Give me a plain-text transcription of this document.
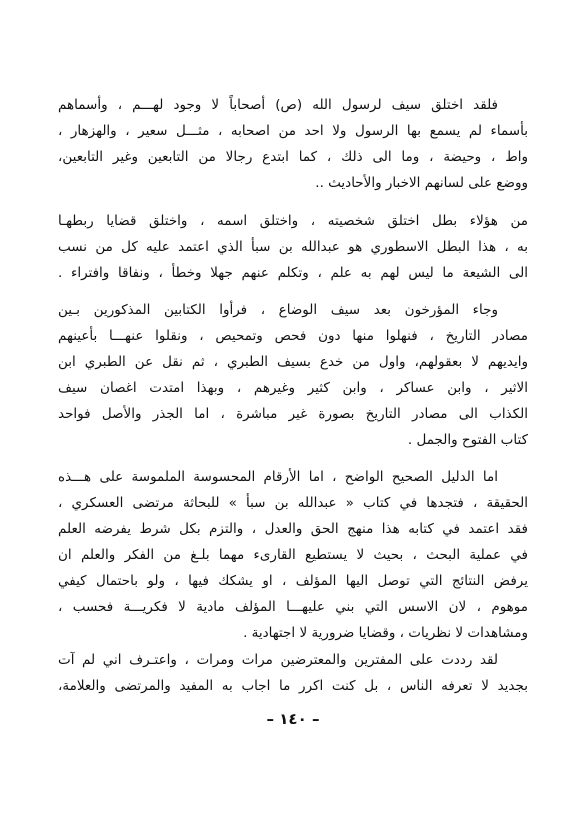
فلقد اختلق سيف لرسول الله (ص) أصحاباً لا وجود لهـــم ، وأسماهم
بأسماء لم يسمع بها الرسول ولا احد من اصحابه ، مثـــل سعير ، والهزهار ،
واط ، وحيضة ، وما الى ذلك ، كما ابتدع رجالا من التابعين وغير التابعين،
ووضع على لسانهم الاخبار والأحاديث ..
من هؤلاء بطل اختلق شخصيته ، واختلق اسمه ، واختلق قضايا ربطهـا
به ، هذا البطل الاسطوري هو عبدالله بن سبأ الذي اعتمد عليه كل من نسب
الى الشيعة ما ليس لهم به علم ، وتكلم عنهم جهلا وخطأ ، ونفاقا وافتراء .
وجاء المؤرخون بعد سيف الوضاع ، فرأوا الكتابين المذكورين بـين
مصادر التاريخ ، فنهلوا منها دون فحص وتمحيص ، ونقلوا عنهـــا بأعينهم
وايديهم لا بعقولهم، واول من خدع بسيف الطبري ، ثم نقل عن الطبري ابن
الاثير ، وابن عساكر ، وابن كثير وغيرهم ، وبهذا امتدت اغصان سيف
الكذاب الى مصادر التاريخ بصورة غير مباشرة ، اما الجذر والأصل فواحد
كتاب الفتوح والجمل .
اما الدليل الصحيح الواضح ، اما الأرقام المحسوسة الملموسة على هـــذه
الحقيقة ، فتجدها في كتاب « عبدالله بن سبأ » للبحاثة مرتضى العسكري ،
فقد اعتمد في كتابه هذا منهج الحق والعدل ، والتزم بكل شرط يفرضه العلم
في عملية البحث ، بحيث لا يستطيع القارىء مهما بلـغ من الفكر والعلم ان
يرفض النتائج التي توصل اليها المؤلف ، او يشكك فيها ، ولو باحتمال كيفي
موهوم ، لان الاسس التي بني عليهـــا المؤلف مادية لا فكريـــة فحسب ،
ومشاهدات لا نظريات ، وقضايا ضرورية لا اجتهادية .
لقد رددت على المفترين والمعترضين مرات ومرات ، واعتـرف اني لم آت
بجديد لا تعرفه الناس ، بل كنت اكرر ما اجاب به المفيد والمرتضى والعلامة،
– ١٤٠ –
